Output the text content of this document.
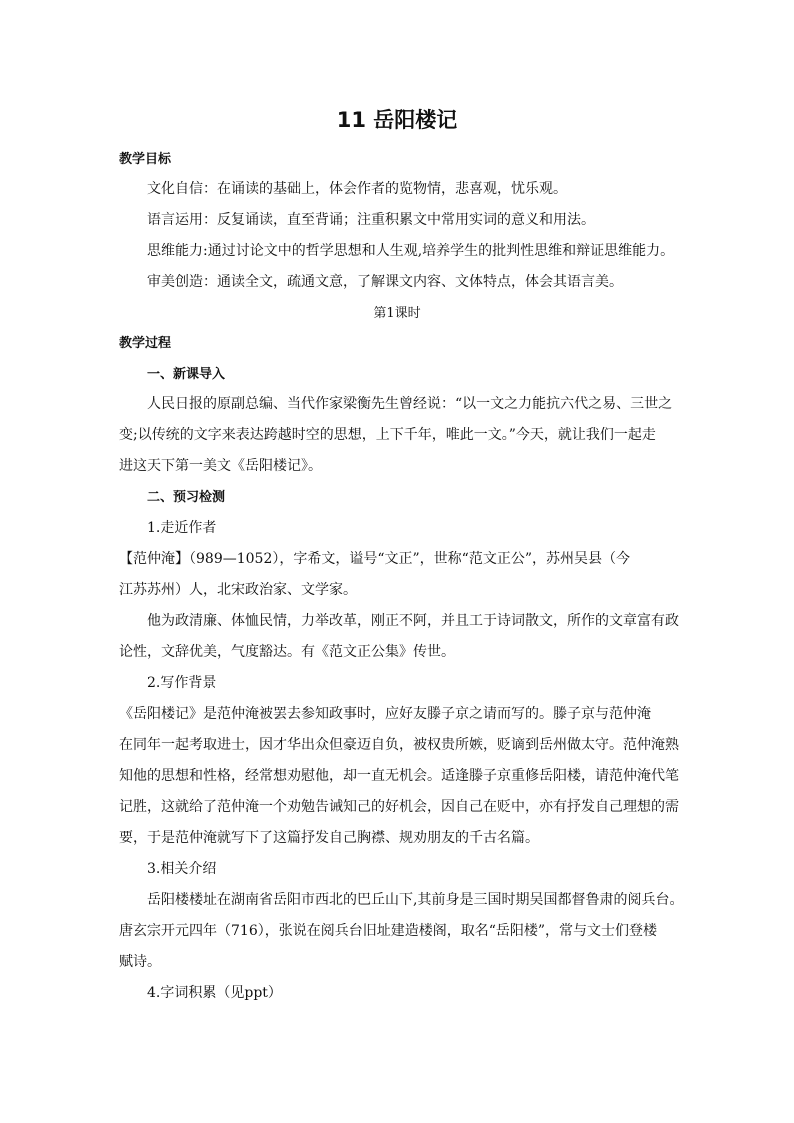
11 岳阳楼记
教学目标
文化自信：在诵读的基础上，体会作者的览物情，悲喜观，忧乐观。
语言运用：反复诵读，直至背诵；注重积累文中常用实词的意义和用法。
思维能力:通过讨论文中的哲学思想和人生观,培养学生的批判性思维和辩证思维能力。
审美创造：通读全文，疏通文意，了解课文内容、文体特点，体会其语言美。
第1课时
教学过程
一、新课导入
人民日报的原副总编、当代作家梁衡先生曾经说：“以一文之力能抗六代之易、三世之
变;以传统的文字来表达跨越时空的思想，上下千年，唯此一文。”今天，就让我们一起走
进这天下第一美文《岳阳楼记》。
二、预习检测
1.走近作者
【范仲淹】（989—1052），字希文，谥号“文正”，世称“范文正公”，苏州吴县（今
江苏苏州）人，北宋政治家、文学家。
他为政清廉、体恤民情，力举改革，刚正不阿，并且工于诗词散文，所作的文章富有政
论性，文辞优美，气度豁达。有《范文正公集》传世。
2.写作背景
《岳阳楼记》是范仲淹被罢去参知政事时，应好友滕子京之请而写的。滕子京与范仲淹
在同年一起考取进士，因才华出众但豪迈自负，被权贵所嫉，贬谪到岳州做太守。范仲淹熟
知他的思想和性格，经常想劝慰他，却一直无机会。适逢滕子京重修岳阳楼，请范仲淹代笔
记胜，这就给了范仲淹一个劝勉告诫知己的好机会，因自己在贬中，亦有抒发自己理想的需
要，于是范仲淹就写下了这篇抒发自己胸襟、规劝朋友的千古名篇。
3.相关介绍
岳阳楼楼址在湖南省岳阳市西北的巴丘山下,其前身是三国时期吴国都督鲁肃的阅兵台。
唐玄宗开元四年（716），张说在阅兵台旧址建造楼阁，取名“岳阳楼”，常与文士们登楼
赋诗。
4.字词积累（见ppt）
